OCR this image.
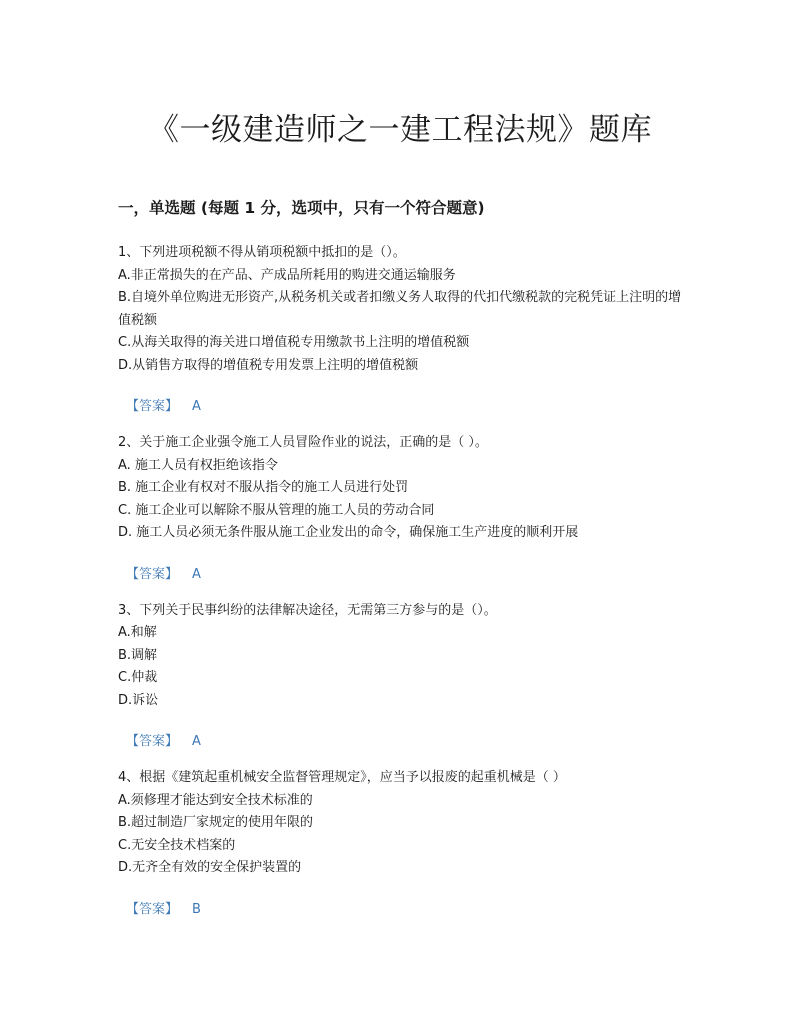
《一级建造师之一建工程法规》题库
一，单选题 (每题 1 分，选项中，只有一个符合题意)

1、下列进项税额不得从销项税额中抵扣的是（）。

A.非正常损失的在产品、产成品所耗用的购进交通运输服务

B.自境外单位购进无形资产,从税务机关或者扣缴义务人取得的代扣代缴税款的完税凭证上注明的增值税额

C.从海关取得的海关进口增值税专用缴款书上注明的增值税额

D.从销售方取得的增值税专用发票上注明的增值税额

【答案】 A

2、关于施工企业强令施工人员冒险作业的说法，正确的是（ ）。

A. 施工人员有权拒绝该指令

B. 施工企业有权对不服从指令的施工人员进行处罚

C. 施工企业可以解除不服从管理的施工人员的劳动合同

D. 施工人员必须无条件服从施工企业发出的命令，确保施工生产进度的顺利开展

【答案】 A

3、下列关于民事纠纷的法律解决途径，无需第三方参与的是（）。

A.和解

B.调解

C.仲裁

D.诉讼

【答案】 A

4、根据《建筑起重机械安全监督管理规定》，应当予以报废的起重机械是（ ）

A.须修理才能达到安全技术标准的

B.超过制造厂家规定的使用年限的

C.无安全技术档案的

D.无齐全有效的安全保护装置的

【答案】 B
